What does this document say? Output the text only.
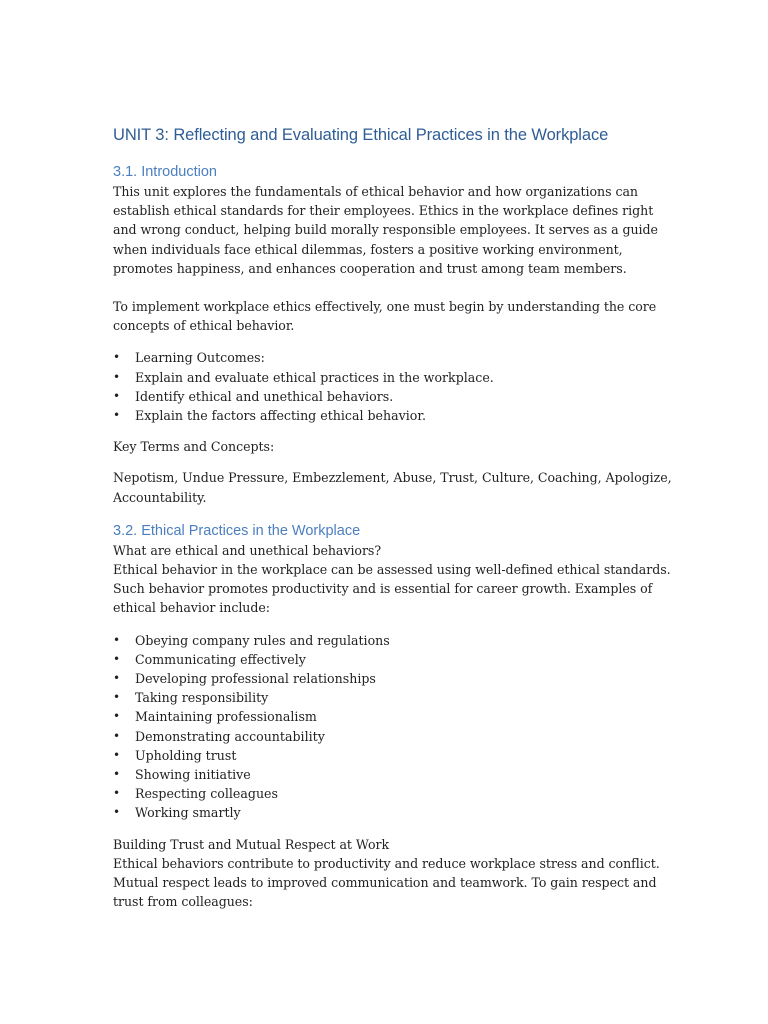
UNIT 3: Reflecting and Evaluating Ethical Practices in the Workplace
3.1. Introduction

This unit explores the fundamentals of ethical behavior and how organizations can establish ethical standards for their employees. Ethics in the workplace defines right and wrong conduct, helping build morally responsible employees. It serves as a guide when individuals face ethical dilemmas, fosters a positive working environment, promotes happiness, and enhances cooperation and trust among team members.

To implement workplace ethics effectively, one must begin by understanding the core concepts of ethical behavior.

• Learning Outcomes:
• Explain and evaluate ethical practices in the workplace.
• Identify ethical and unethical behaviors.
• Explain the factors affecting ethical behavior.

Key Terms and Concepts:

Nepotism, Undue Pressure, Embezzlement, Abuse, Trust, Culture, Coaching, Apologize, Accountability.

3.2. Ethical Practices in the Workplace

What are ethical and unethical behaviors?

Ethical behavior in the workplace can be assessed using well-defined ethical standards. Such behavior promotes productivity and is essential for career growth. Examples of ethical behavior include:

• Obeying company rules and regulations
• Communicating effectively
• Developing professional relationships
• Taking responsibility
• Maintaining professionalism
• Demonstrating accountability
• Upholding trust
• Showing initiative
• Respecting colleagues
• Working smartly

Building Trust and Mutual Respect at Work

Ethical behaviors contribute to productivity and reduce workplace stress and conflict. Mutual respect leads to improved communication and teamwork. To gain respect and trust from colleagues:
